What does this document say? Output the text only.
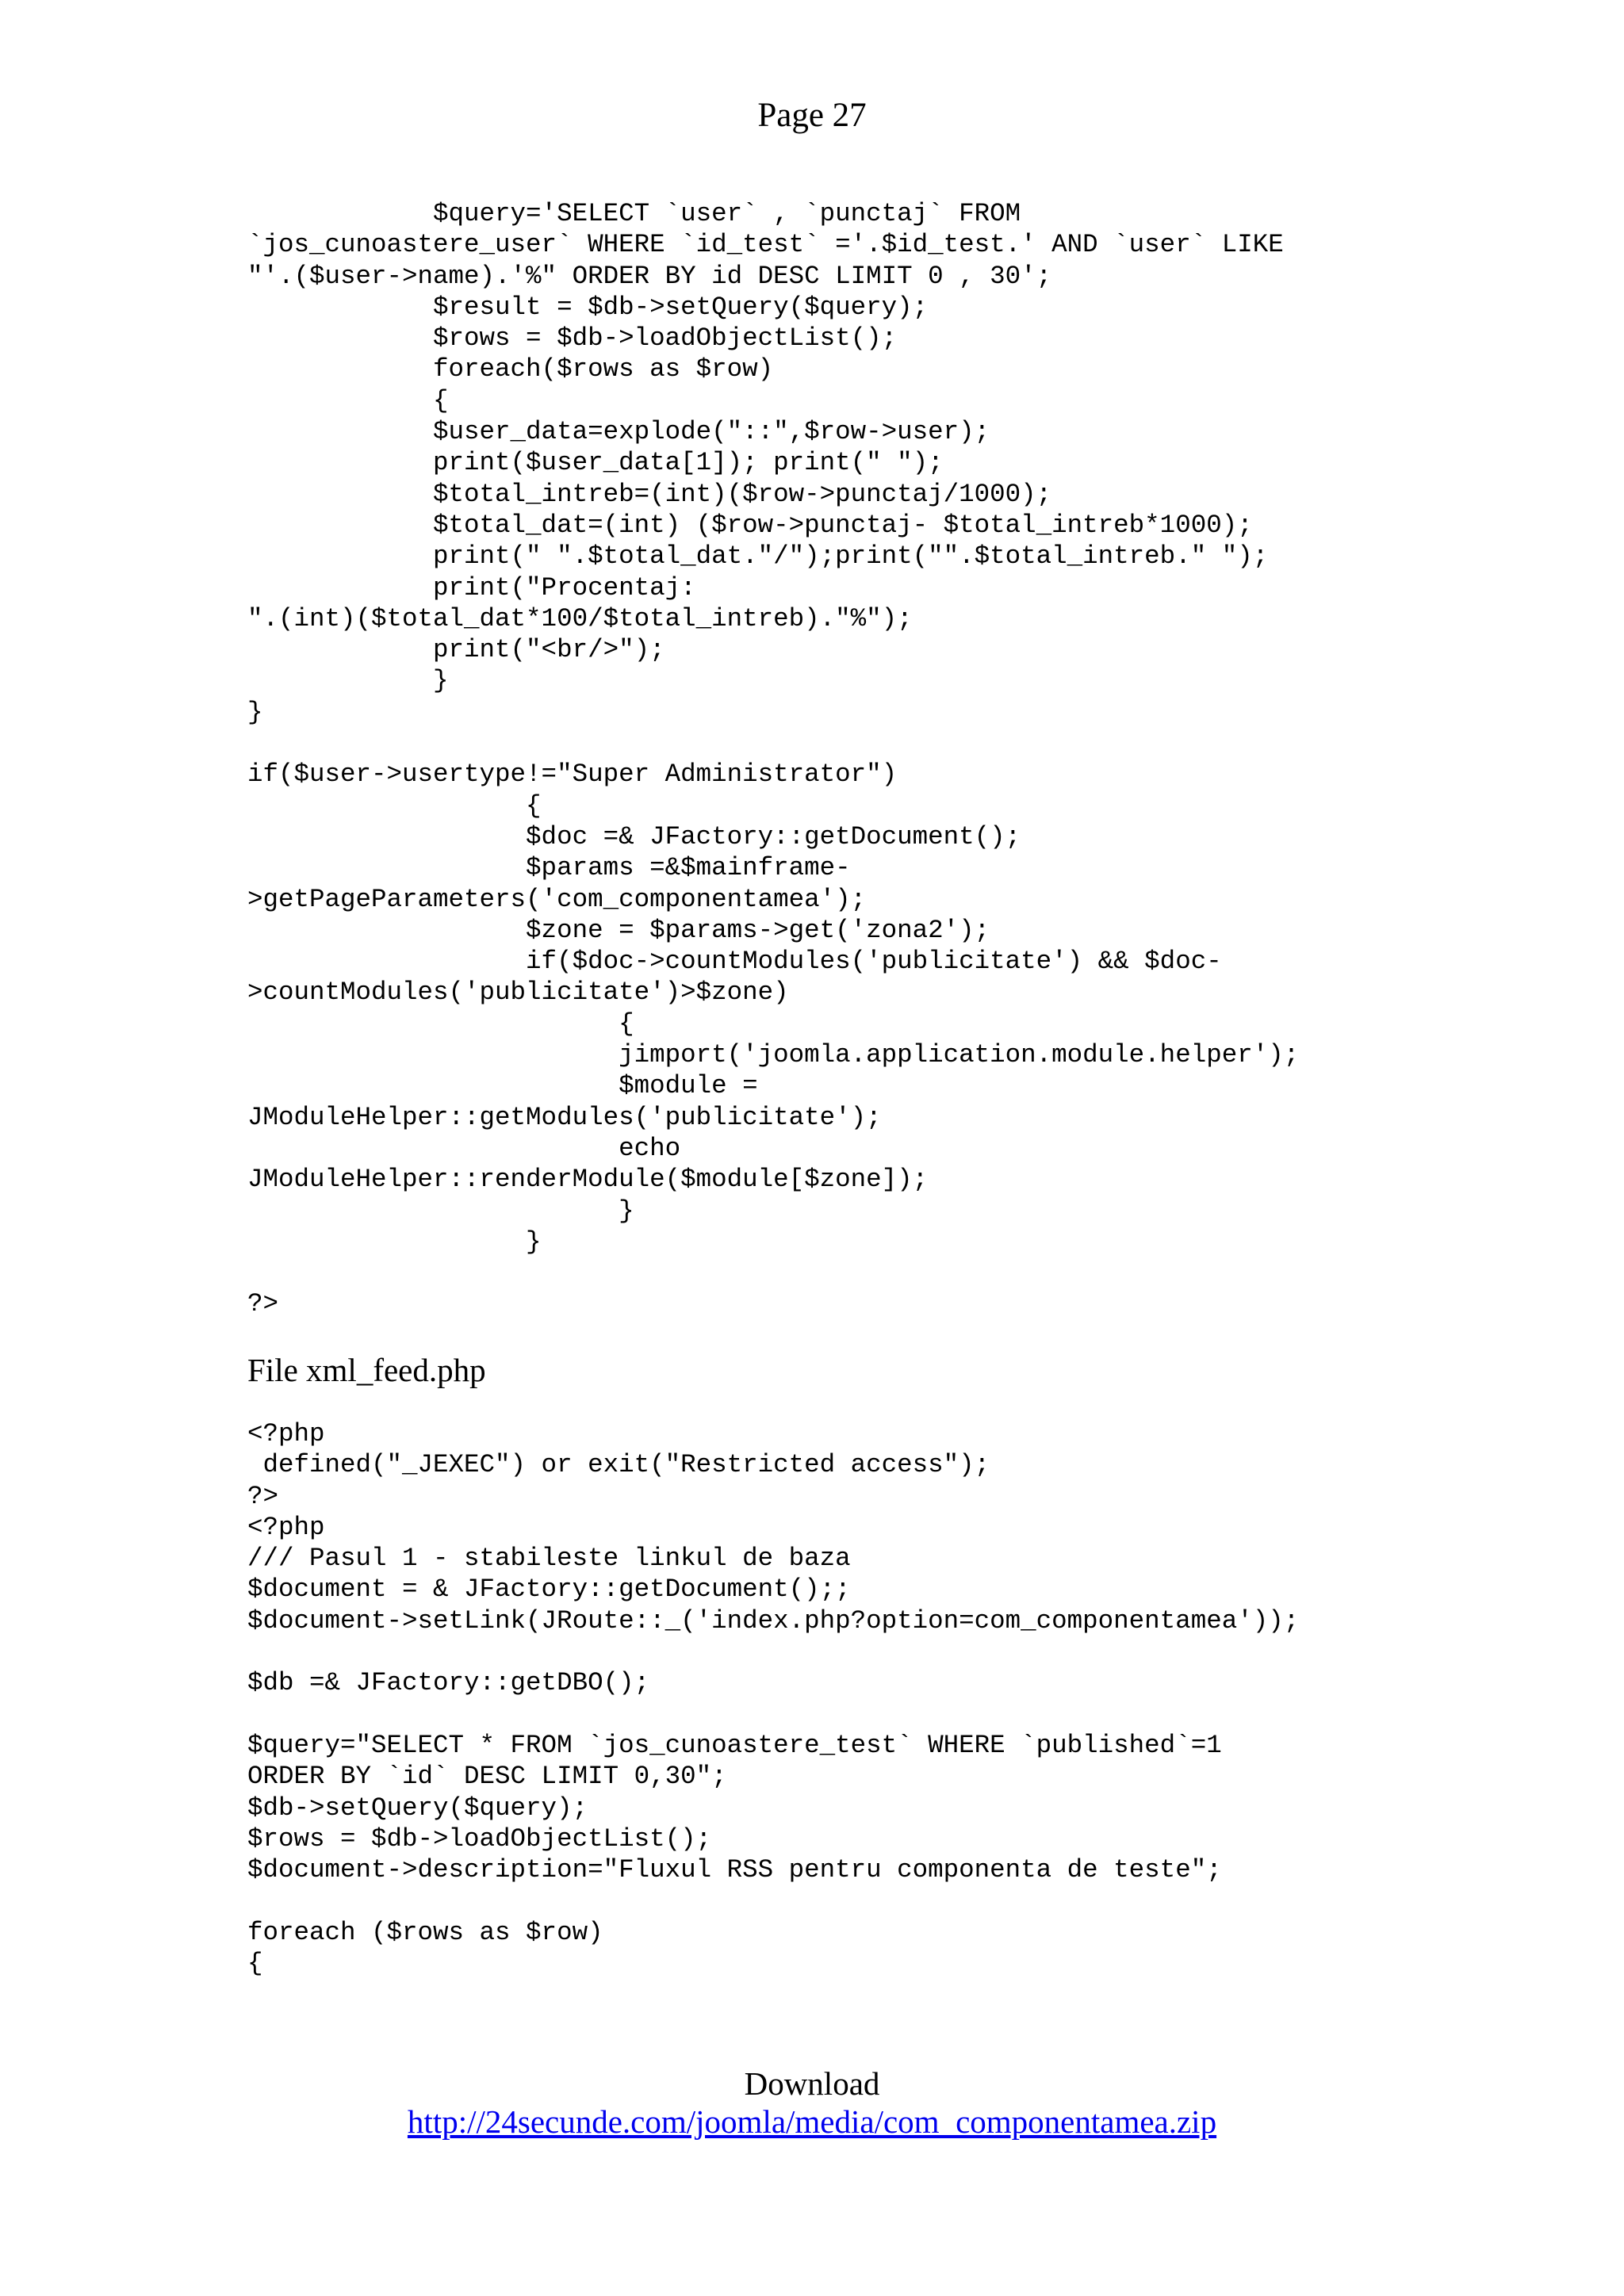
Page 27
$query='SELECT `user` , `punctaj` FROM
`jos_cunoastere_user` WHERE `id_test` ='.$id_test.' AND `user` LIKE
"'.($user->name).'%" ORDER BY id DESC LIMIT 0 , 30';
$result = $db->setQuery($query);
$rows = $db->loadObjectList();
foreach($rows as $row)
{
$user_data=explode("::",$row->user);
print($user_data[1]); print(" ");
$total_intreb=(int)($row->punctaj/1000);
$total_dat=(int) ($row->punctaj- $total_intreb*1000);
print(" ".$total_dat."/");print("".$total_intreb." ");
print("Procentaj:
".(int)($total_dat*100/$total_intreb)."%");
print("<br/>");
}
}

if($user->usertype!="Super Administrator")
{
$doc =& JFactory::getDocument();
$params =&$mainframe-
>getPageParameters('com_componentamea');
$zone = $params->get('zona2');
if($doc->countModules('publicitate') && $doc-
>countModules('publicitate')>$zone)
{
jimport('joomla.application.module.helper');
$module =
JModuleHelper::getModules('publicitate');
echo
JModuleHelper::renderModule($module[$zone]);
}
}

?>
File xml_feed.php
<?php
defined("_JEXEC") or exit("Restricted access");
?>
<?php
/// Pasul 1 - stabileste linkul de baza
$document = & JFactory::getDocument();;
$document->setLink(JRoute::_('index.php?option=com_componentamea'));

$db =& JFactory::getDBO();

$query="SELECT * FROM `jos_cunoastere_test` WHERE `published`=1
ORDER BY `id` DESC LIMIT 0,30";
$db->setQuery($query);
$rows = $db->loadObjectList();
$document->description="Fluxul RSS pentru componenta de teste";

foreach ($rows as $row)
{
Download
http://24secunde.com/joomla/media/com_componentamea.zip
